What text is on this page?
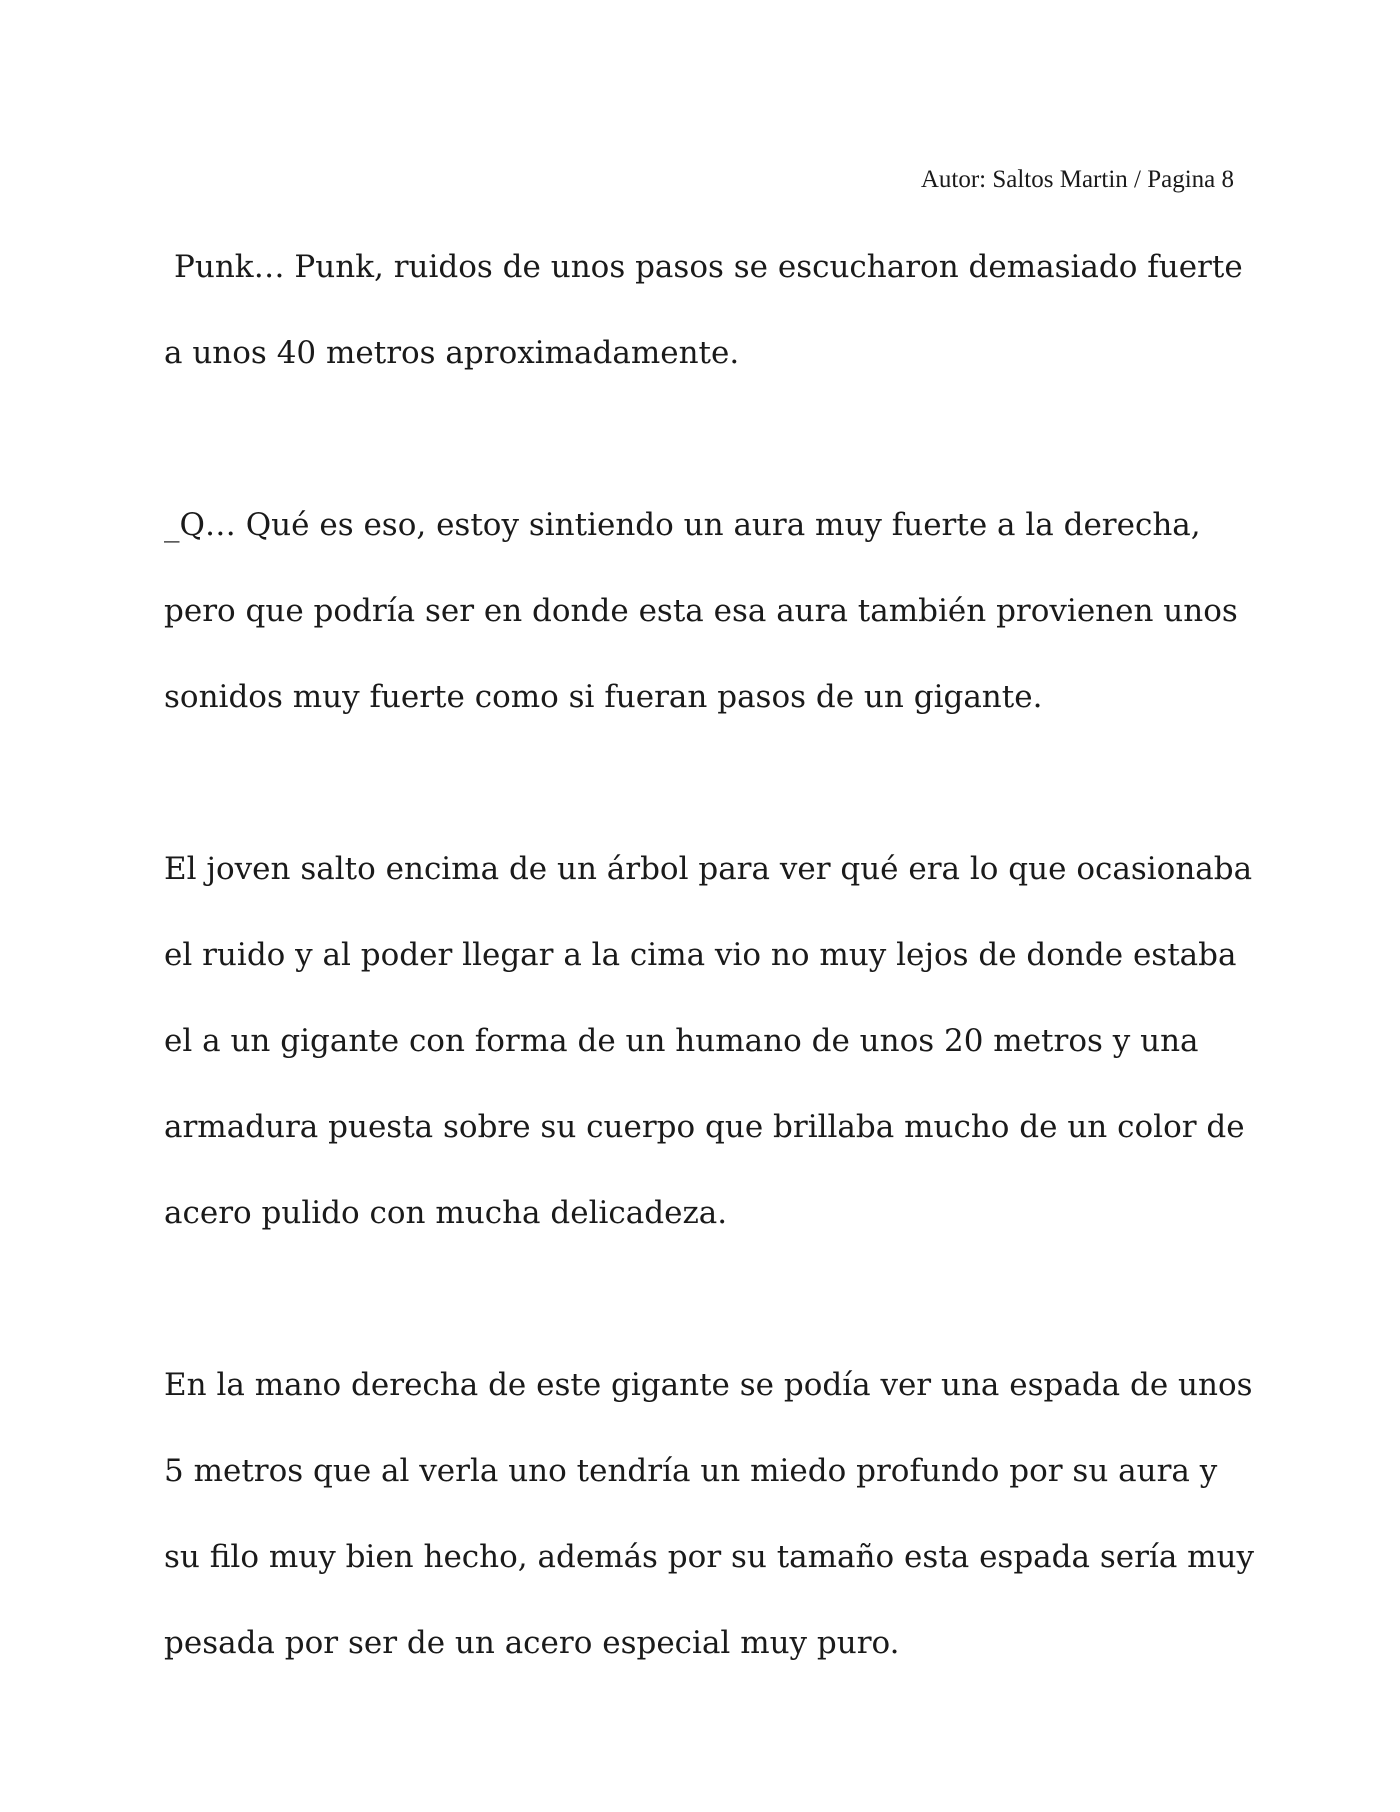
Autor: Saltos Martin / Pagina 8

Punk… Punk, ruidos de unos pasos se escucharon demasiado fuerte
a unos 40 metros aproximadamente.

_Q… Qué es eso, estoy sintiendo un aura muy fuerte a la derecha,
pero que podría ser en donde esta esa aura también provienen unos
sonidos muy fuerte como si fueran pasos de un gigante.

El joven salto encima de un árbol para ver qué era lo que ocasionaba
el ruido y al poder llegar a la cima vio no muy lejos de donde estaba
el a un gigante con forma de un humano de unos 20 metros y una
armadura puesta sobre su cuerpo que brillaba mucho de un color de
acero pulido con mucha delicadeza.

En la mano derecha de este gigante se podía ver una espada de unos
5 metros que al verla uno tendría un miedo profundo por su aura y
su filo muy bien hecho, además por su tamaño esta espada sería muy
pesada por ser de un acero especial muy puro.
